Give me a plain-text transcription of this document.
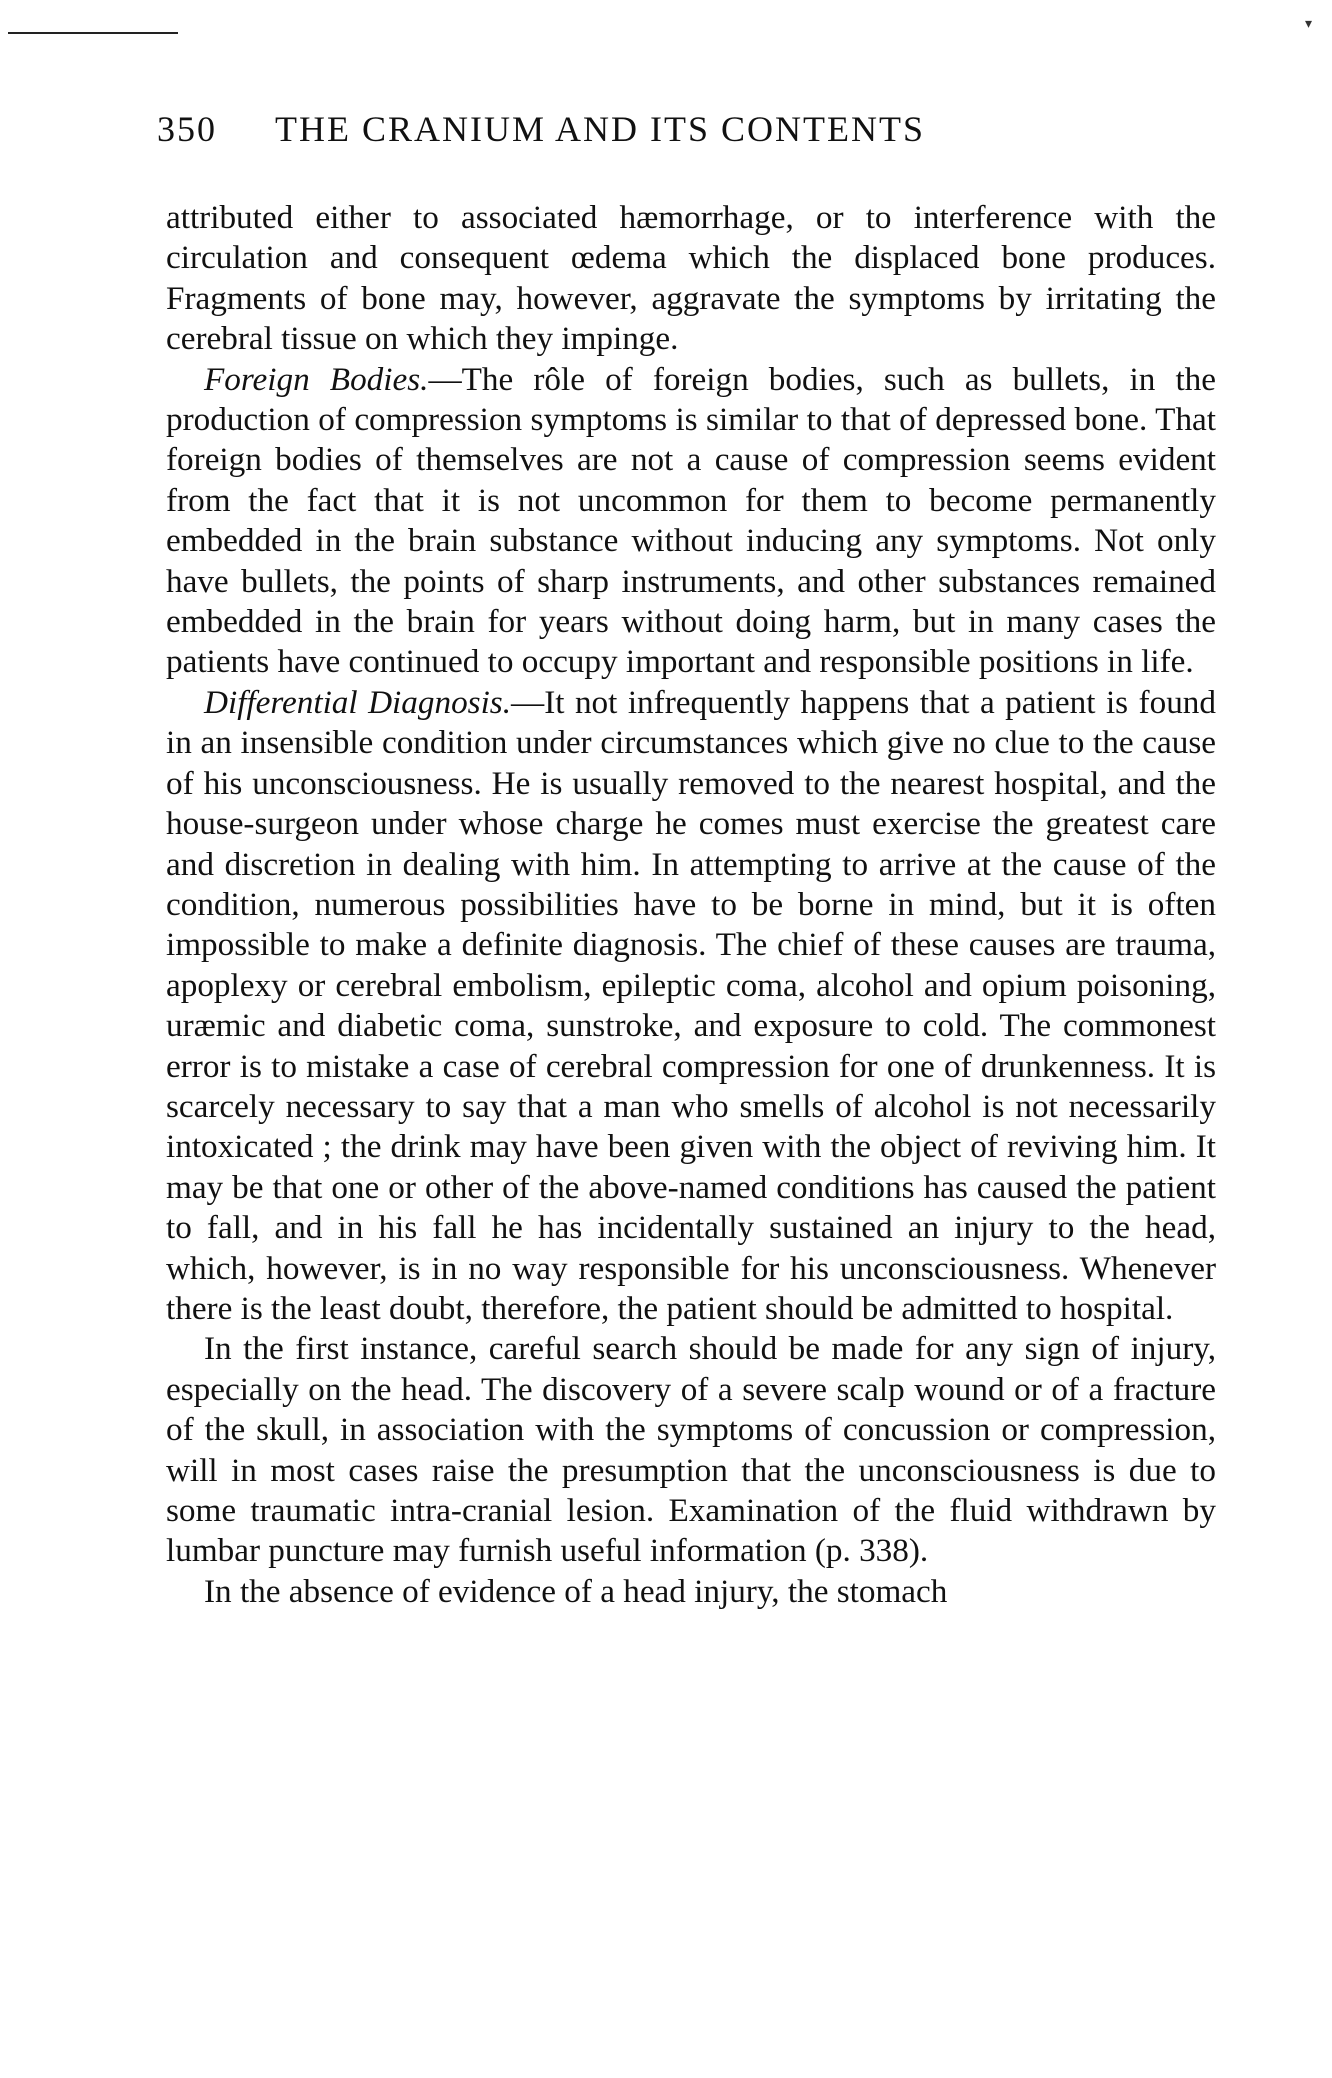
▾
350 THE CRANIUM AND ITS CONTENTS

attributed either to associated hæmorrhage, or to interference with the circulation and consequent œdema which the displaced bone produces. Fragments of bone may, however, aggravate the symptoms by irritating the cerebral tissue on which they impinge.

Foreign Bodies.—The rôle of foreign bodies, such as bullets, in the production of compression symptoms is similar to that of depressed bone. That foreign bodies of themselves are not a cause of compression seems evident from the fact that it is not uncommon for them to become permanently embedded in the brain substance without inducing any symptoms. Not only have bullets, the points of sharp instruments, and other substances remained embedded in the brain for years without doing harm, but in many cases the patients have continued to occupy important and responsible positions in life.

Differential Diagnosis.—It not infrequently happens that a patient is found in an insensible condition under circumstances which give no clue to the cause of his unconsciousness. He is usually removed to the nearest hospital, and the house-surgeon under whose charge he comes must exercise the greatest care and discretion in dealing with him. In attempting to arrive at the cause of the condition, numerous possibilities have to be borne in mind, but it is often impossible to make a definite diagnosis. The chief of these causes are trauma, apoplexy or cerebral embolism, epileptic coma, alcohol and opium poisoning, uræmic and diabetic coma, sunstroke, and exposure to cold. The commonest error is to mistake a case of cerebral compression for one of drunkenness. It is scarcely necessary to say that a man who smells of alcohol is not necessarily intoxicated ; the drink may have been given with the object of reviving him. It may be that one or other of the above-named conditions has caused the patient to fall, and in his fall he has incidentally sustained an injury to the head, which, however, is in no way responsible for his unconsciousness. Whenever there is the least doubt, therefore, the patient should be admitted to hospital.

In the first instance, careful search should be made for any sign of injury, especially on the head. The discovery of a severe scalp wound or of a fracture of the skull, in association with the symptoms of concussion or compression, will in most cases raise the presumption that the unconsciousness is due to some traumatic intra-cranial lesion. Examination of the fluid withdrawn by lumbar puncture may furnish useful information (p. 338).

In the absence of evidence of a head injury, the stomach
